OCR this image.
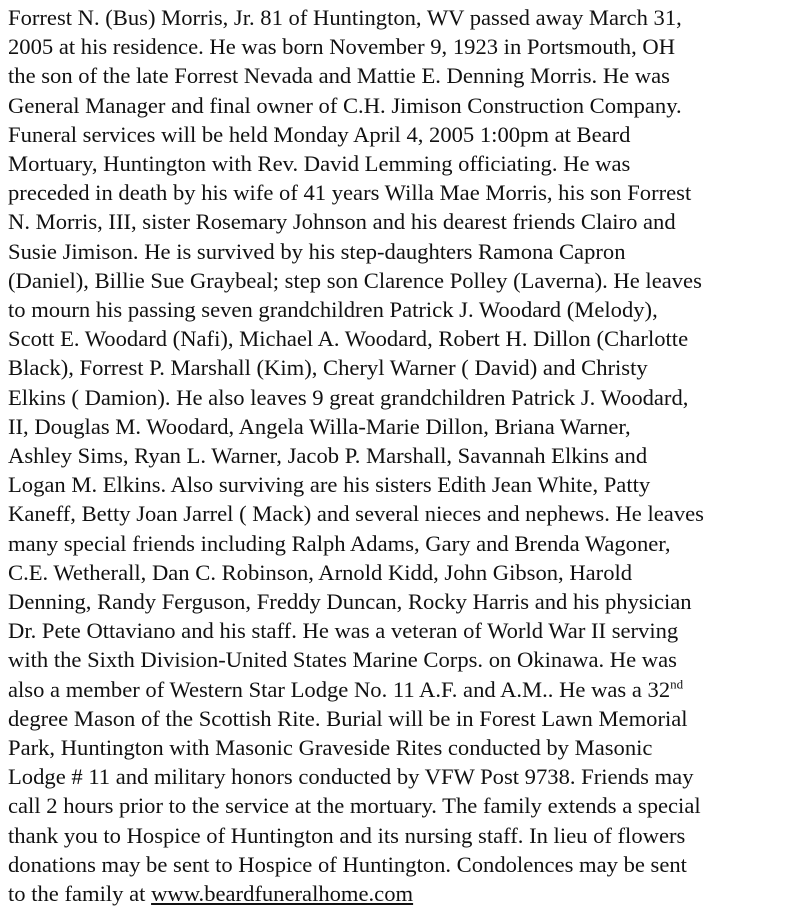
Forrest N. (Bus) Morris, Jr. 81 of Huntington, WV passed away March 31,
2005 at his residence. He was born November 9, 1923 in Portsmouth, OH
the son of the late Forrest Nevada and Mattie E. Denning Morris. He was
General Manager and final owner of C.H. Jimison Construction Company.
Funeral services will be held Monday April 4, 2005 1:00pm at Beard
Mortuary, Huntington with Rev. David Lemming officiating. He was
preceded in death by his wife of 41 years Willa Mae Morris, his son Forrest
N. Morris, III, sister Rosemary Johnson and his dearest friends Clairo and
Susie Jimison. He is survived by his step-daughters Ramona Capron
(Daniel), Billie Sue Graybeal; step son Clarence Polley (Laverna). He leaves
to mourn his passing seven grandchildren Patrick J. Woodard (Melody),
Scott E. Woodard (Nafi), Michael A. Woodard, Robert H. Dillon (Charlotte
Black), Forrest P. Marshall (Kim), Cheryl Warner ( David) and Christy
Elkins ( Damion). He also leaves 9 great grandchildren Patrick J. Woodard,
II, Douglas M. Woodard, Angela Willa-Marie Dillon, Briana Warner,
Ashley Sims, Ryan L. Warner, Jacob P. Marshall, Savannah Elkins and
Logan M. Elkins. Also surviving are his sisters Edith Jean White, Patty
Kaneff, Betty Joan Jarrel ( Mack) and several nieces and nephews. He leaves
many special friends including Ralph Adams, Gary and Brenda Wagoner,
C.E. Wetherall, Dan C. Robinson, Arnold Kidd, John Gibson, Harold
Denning, Randy Ferguson, Freddy Duncan, Rocky Harris and his physician
Dr. Pete Ottaviano and his staff. He was a veteran of World War II serving
with the Sixth Division-United States Marine Corps. on Okinawa. He was
also a member of Western Star Lodge No. 11 A.F. and A.M.. He was a 32nd
degree Mason of the Scottish Rite. Burial will be in Forest Lawn Memorial
Park, Huntington with Masonic Graveside Rites conducted by Masonic
Lodge # 11 and military honors conducted by VFW Post 9738. Friends may
call 2 hours prior to the service at the mortuary. The family extends a special
thank you to Hospice of Huntington and its nursing staff. In lieu of flowers
donations may be sent to Hospice of Huntington. Condolences may be sent
to the family at www.beardfuneralhome.com
